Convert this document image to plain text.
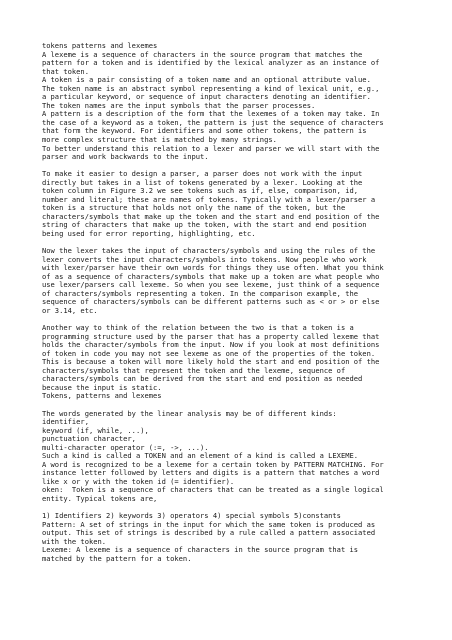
tokens patterns and lexemes
A lexeme is a sequence of characters in the source program that matches the
pattern for a token and is identified by the lexical analyzer as an instance of
that token.
A token is a pair consisting of a token name and an optional attribute value.
The token name is an abstract symbol representing a kind of lexical unit, e.g.,
a particular keyword, or sequence of input characters denoting an identifier.
The token names are the input symbols that the parser processes.
A pattern is a description of the form that the lexemes of a token may take. In
the case of a keyword as a token, the pattern is just the sequence of characters
that form the keyword. For identifiers and some other tokens, the pattern is
more complex structure that is matched by many strings.
To better understand this relation to a lexer and parser we will start with the
parser and work backwards to the input.
To make it easier to design a parser, a parser does not work with the input
directly but takes in a list of tokens generated by a lexer. Looking at the
token column in Figure 3.2 we see tokens such as if, else, comparison, id,
number and literal; these are names of tokens. Typically with a lexer/parser a
token is a structure that holds not only the name of the token, but the
characters/symbols that make up the token and the start and end position of the
string of characters that make up the token, with the start and end position
being used for error reporting, highlighting, etc.
Now the lexer takes the input of characters/symbols and using the rules of the
lexer converts the input characters/symbols into tokens. Now people who work
with lexer/parser have their own words for things they use often. What you think
of as a sequence of characters/symbols that make up a token are what people who
use lexer/parsers call lexeme. So when you see lexeme, just think of a sequence
of characters/symbols representing a token. In the comparison example, the
sequence of characters/symbols can be different patterns such as < or > or else
or 3.14, etc.
Another way to think of the relation between the two is that a token is a
programming structure used by the parser that has a property called lexeme that
holds the character/symbols from the input. Now if you look at most definitions
of token in code you may not see lexeme as one of the properties of the token.
This is because a token will more likely hold the start and end position of the
characters/symbols that represent the token and the lexeme, sequence of
characters/symbols can be derived from the start and end position as needed
because the input is static.
Tokens, patterns and lexemes
The words generated by the linear analysis may be of different kinds:
identifier,
keyword (if, while, ...),
punctuation character,
multi-character operator (:=, ->, ...).
Such a kind is called a TOKEN and an element of a kind is called a LEXEME.
A word is recognized to be a lexeme for a certain token by PATTERN MATCHING. For
instance letter followed by letters and digits is a pattern that matches a word
like x or y with the token id (= identifier).
oken:  Token is a sequence of characters that can be treated as a single logical
entity. Typical tokens are,
1) Identifiers 2) keywords 3) operators 4) special symbols 5)constants
Pattern: A set of strings in the input for which the same token is produced as
output. This set of strings is described by a rule called a pattern associated
with the token.
Lexeme: A lexeme is a sequence of characters in the source program that is
matched by the pattern for a token.
